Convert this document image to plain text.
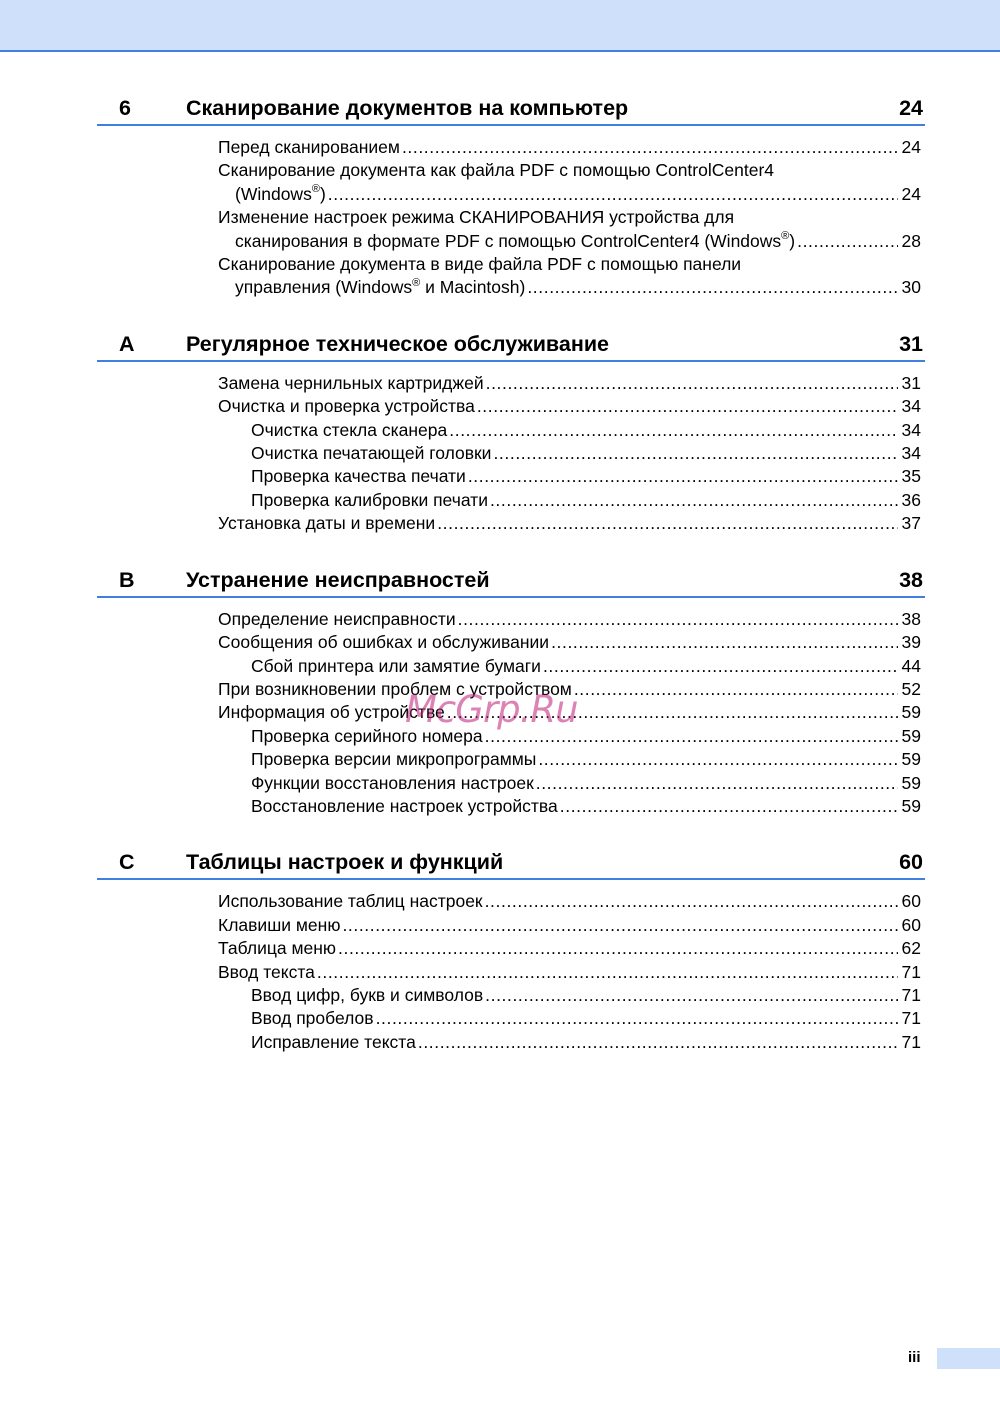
6	Сканирование документов на компьютер	24
Перед сканированием .....	24
Сканирование документа как файла PDF с помощью ControlCenter4
(Windows®) .....	24
Изменение настроек режима СКАНИРОВАНИЯ устройства для
сканирования в формате PDF с помощью ControlCenter4 (Windows®) .....	28
Сканирование документа в виде файла PDF с помощью панели
управления (Windows® и Macintosh) .....	30
A	Регулярное техническое обслуживание	31
Замена чернильных картриджей .....	31
Очистка и проверка устройства .....	34
Очистка стекла сканера .....	34
Очистка печатающей головки .....	34
Проверка качества печати .....	35
Проверка калибровки печати .....	36
Установка даты и времени .....	37
B	Устранение неисправностей	38
Определение неисправности .....	38
Сообщения об ошибках и обслуживании .....	39
Сбой принтера или замятие бумаги .....	44
При возникновении проблем с устройством .....	52
Информация об устройстве .....	59
Проверка серийного номера .....	59
Проверка версии микропрограммы .....	59
Функции восстановления настроек .....	59
Восстановление настроек устройства .....	59
C	Таблицы настроек и функций	60
Использование таблиц настроек .....	60
Клавиши меню .....	60
Таблица меню .....	62
Ввод текста .....	71
Ввод цифр, букв и символов .....	71
Ввод пробелов .....	71
Исправление текста .....	71
McGrp.Ru
iii
